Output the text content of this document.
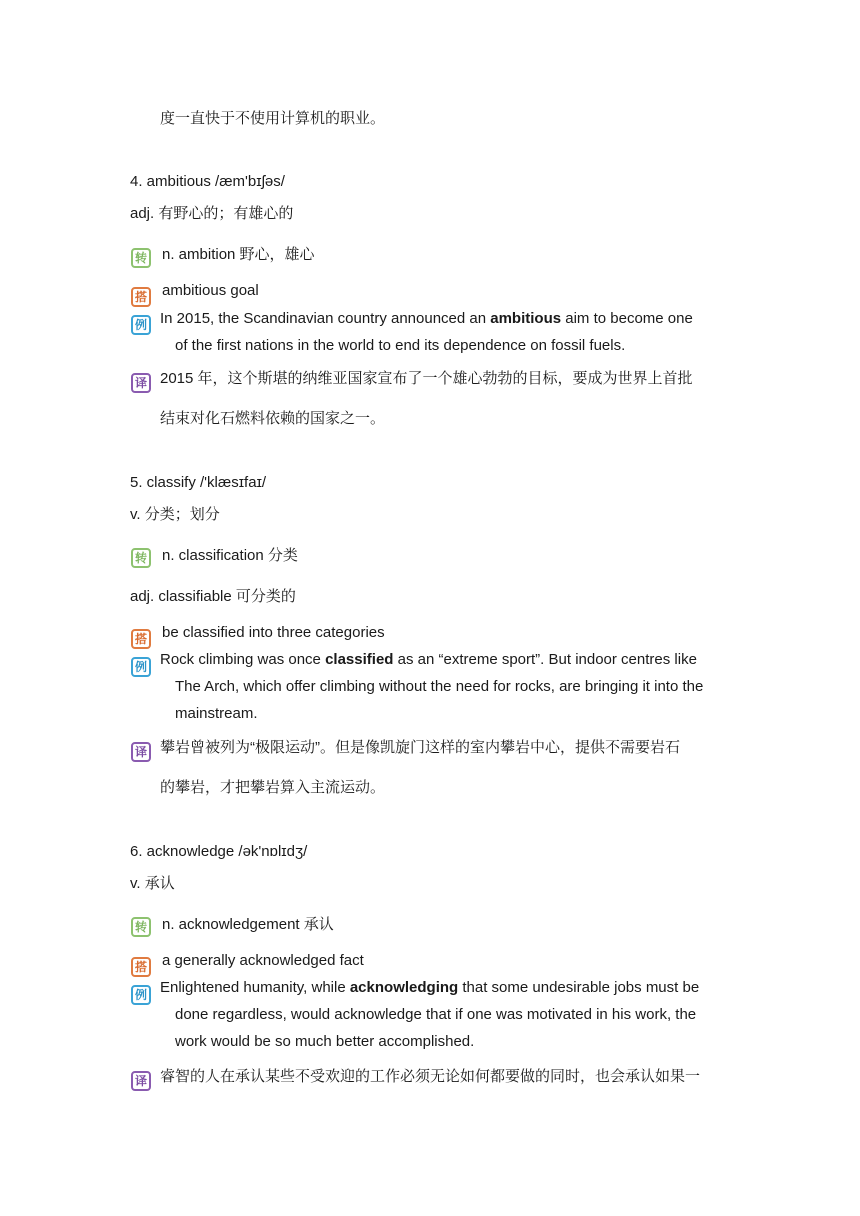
度一直快于不使用计算机的职业。
4. ambitious /æm'bɪʃəs/
adj. 有野心的；有雄心的
转 n. ambition 野心，雄心
搭 ambitious goal
例 In 2015, the Scandinavian country announced an ambitious aim to become one
of the first nations in the world to end its dependence on fossil fuels.
译 2015 年，这个斯堪的纳维亚国家宣布了一个雄心勃勃的目标，要成为世界上首批
结束对化石燃料依赖的国家之一。
5. classify /'klæsɪfaɪ/
v. 分类；划分
转 n. classification 分类
adj. classifiable 可分类的
搭 be classified into three categories
例 Rock climbing was once classified as an “extreme sport”. But indoor centres like
The Arch, which offer climbing without the need for rocks, are bringing it into the
mainstream.
译 攀岩曾被列为“极限运动”。但是像凯旋门这样的室内攀岩中心，提供不需要岩石
的攀岩，才把攀岩算入主流运动。
6. acknowledge /ək'nɒlɪdʒ/
v. 承认
转 n. acknowledgement 承认
搭 a generally acknowledged fact
例 Enlightened humanity, while acknowledging that some undesirable jobs must be
done regardless, would acknowledge that if one was motivated in his work, the
work would be so much better accomplished.
译 睿智的人在承认某些不受欢迎的工作必须无论如何都要做的同时，也会承认如果一
